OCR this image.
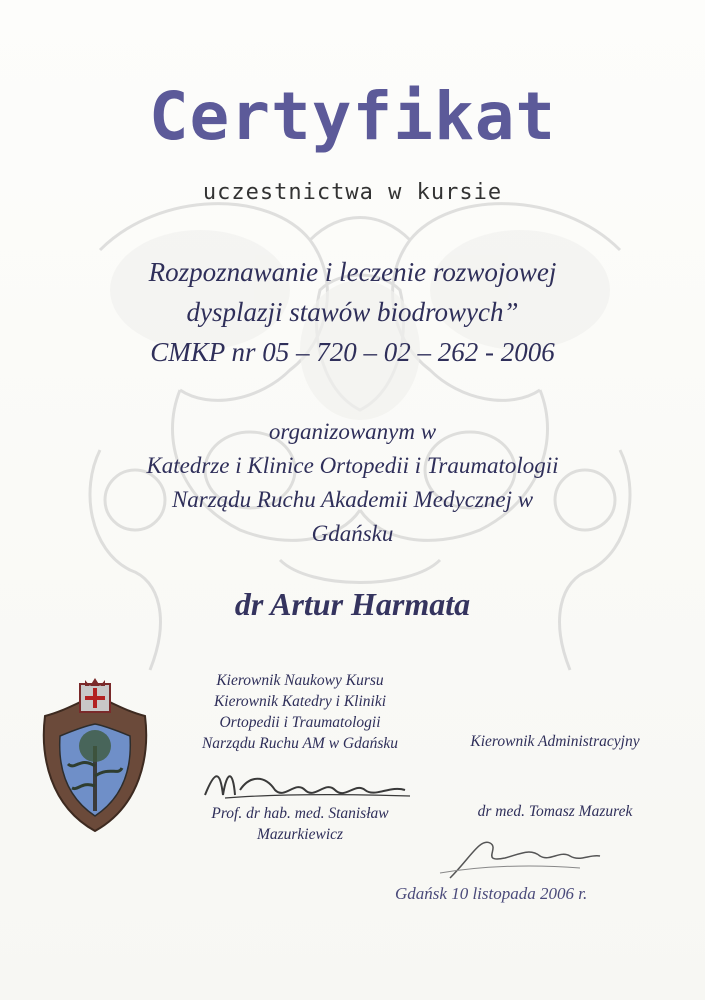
Certyfikat
uczestnictwa w kursie
Rozpoznawanie i leczenie rozwojowej
dysplazji stawów biodrowych”
CMKP nr 05 – 720 – 02 – 262 - 2006
organizowanym w
Katedrze i Klinice Ortopedii i Traumatologii
Narządu Ruchu Akademii Medycznej w
Gdańsku
dr Artur Harmata
Kierownik Naukowy Kursu
Kierownik Katedry i Kliniki
Ortopedii i Traumatologii
Narządu Ruchu AM w Gdańsku	Kierownik Administracyjny
Prof. dr hab. med. Stanisław
Mazurkiewicz
dr med. Tomasz Mazurek
Gdańsk 10 listopada 2006 r.
